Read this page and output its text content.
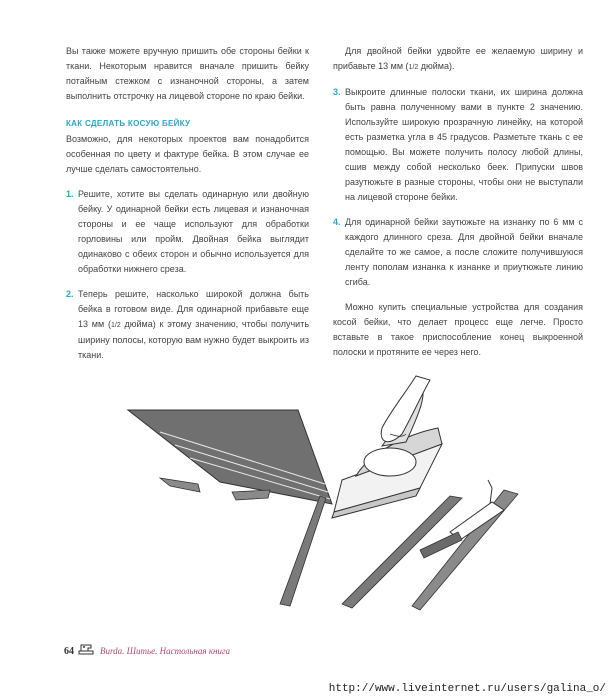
Вы также можете вручную пришить обе стороны бейки к ткани. Некоторым нравится вначале пришить бейку потайным стежком с изнаночной стороны, а затем выполнить отстрочку на лицевой стороне по краю бейки.

КАК СДЕЛАТЬ КОСУЮ БЕЙКУ

Возможно, для некоторых проектов вам понадобится особенная по цвету и фактуре бейка. В этом случае ее лучше сделать самостоятельно.

1. Решите, хотите вы сделать одинарную или двойную бейку. У одинарной бейки есть лицевая и изнаночная стороны и ее чаще используют для обработки горловины или пройм. Двойная бейка выглядит одинаково с обеих сторон и обычно используется для обработки нижнего среза.
2. Теперь решите, насколько широкой должна быть бейка в готовом виде. Для одинарной прибавьте еще 13 мм (1/2 дюйма) к этому значению, чтобы получить ширину полосы, которую вам нужно будет выкроить из ткани.

Для двойной бейки удвойте ее желаемую ширину и прибавьте 13 мм (1/2 дюйма).

3. Выкроите длинные полоски ткани, их ширина должна быть равна полученному вами в пункте 2 значению. Используйте широкую прозрачную линейку, на которой есть разметка угла в 45 градусов. Разметьте ткань с ее помощью. Вы можете получить полосу любой длины, сшив между собой несколько беек. Припуски швов разутюжьте в разные стороны, чтобы они не выступали на лицевой стороне бейки.
4. Для одинарной бейки заутюжьте на изнанку по 6 мм с каждого длинного среза. Для двойной бейки вначале сделайте то же самое, а после сложите получившуюся ленту пополам изнанка к изнанке и приутюжьте линию сгиба.

Можно купить специальные устройства для создания косой бейки, что делает процесс еще легче. Просто вставьте в такое приспособление конец выкроенной полоски и протяните ее через него.

64	Burda. Шитье. Настольная книга
http://www.liveinternet.ru/users/galina_o/
